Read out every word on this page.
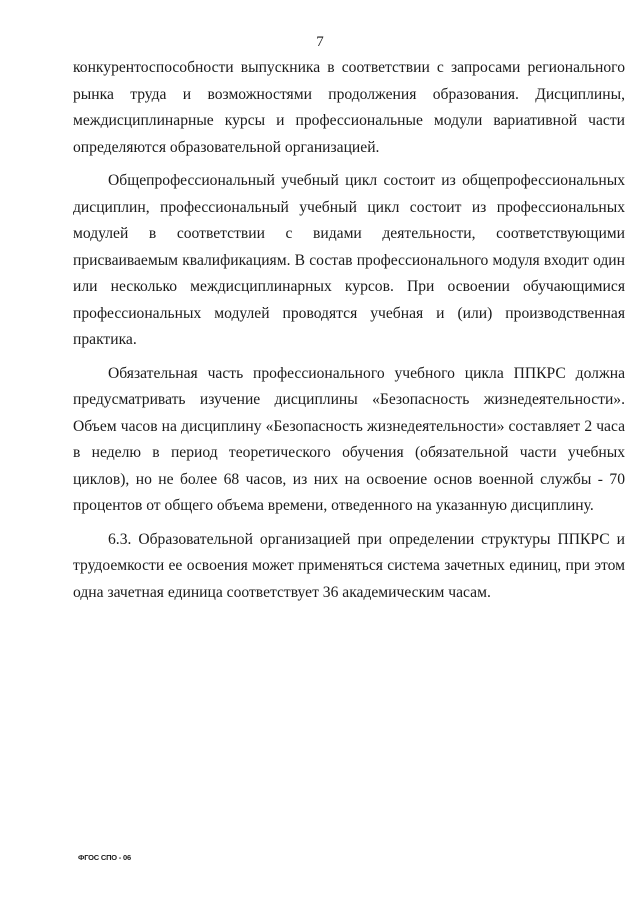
7

конкурентоспособности выпускника в соответствии с запросами регионального рынка труда и возможностями продолжения образования. Дисциплины, междисциплинарные курсы и профессиональные модули вариативной части определяются образовательной организацией.

Общепрофессиональный учебный цикл состоит из общепрофессиональных дисциплин, профессиональный учебный цикл состоит из профессиональных модулей в соответствии с видами деятельности, соответствующими присваиваемым квалификациям. В состав профессионального модуля входит один или несколько междисциплинарных курсов. При освоении обучающимися профессиональных модулей проводятся учебная и (или) производственная практика.

Обязательная часть профессионального учебного цикла ППКРС должна предусматривать изучение дисциплины «Безопасность жизнедеятельности». Объем часов на дисциплину «Безопасность жизнедеятельности» составляет 2 часа в неделю в период теоретического обучения (обязательной части учебных циклов), но не более 68 часов, из них на освоение основ военной службы - 70 процентов от общего объема времени, отведенного на указанную дисциплину.

6.3. Образовательной организацией при определении структуры ППКРС и трудоемкости ее освоения может применяться система зачетных единиц, при этом одна зачетная единица соответствует 36 академическим часам.

ФГОС СПО - 06
